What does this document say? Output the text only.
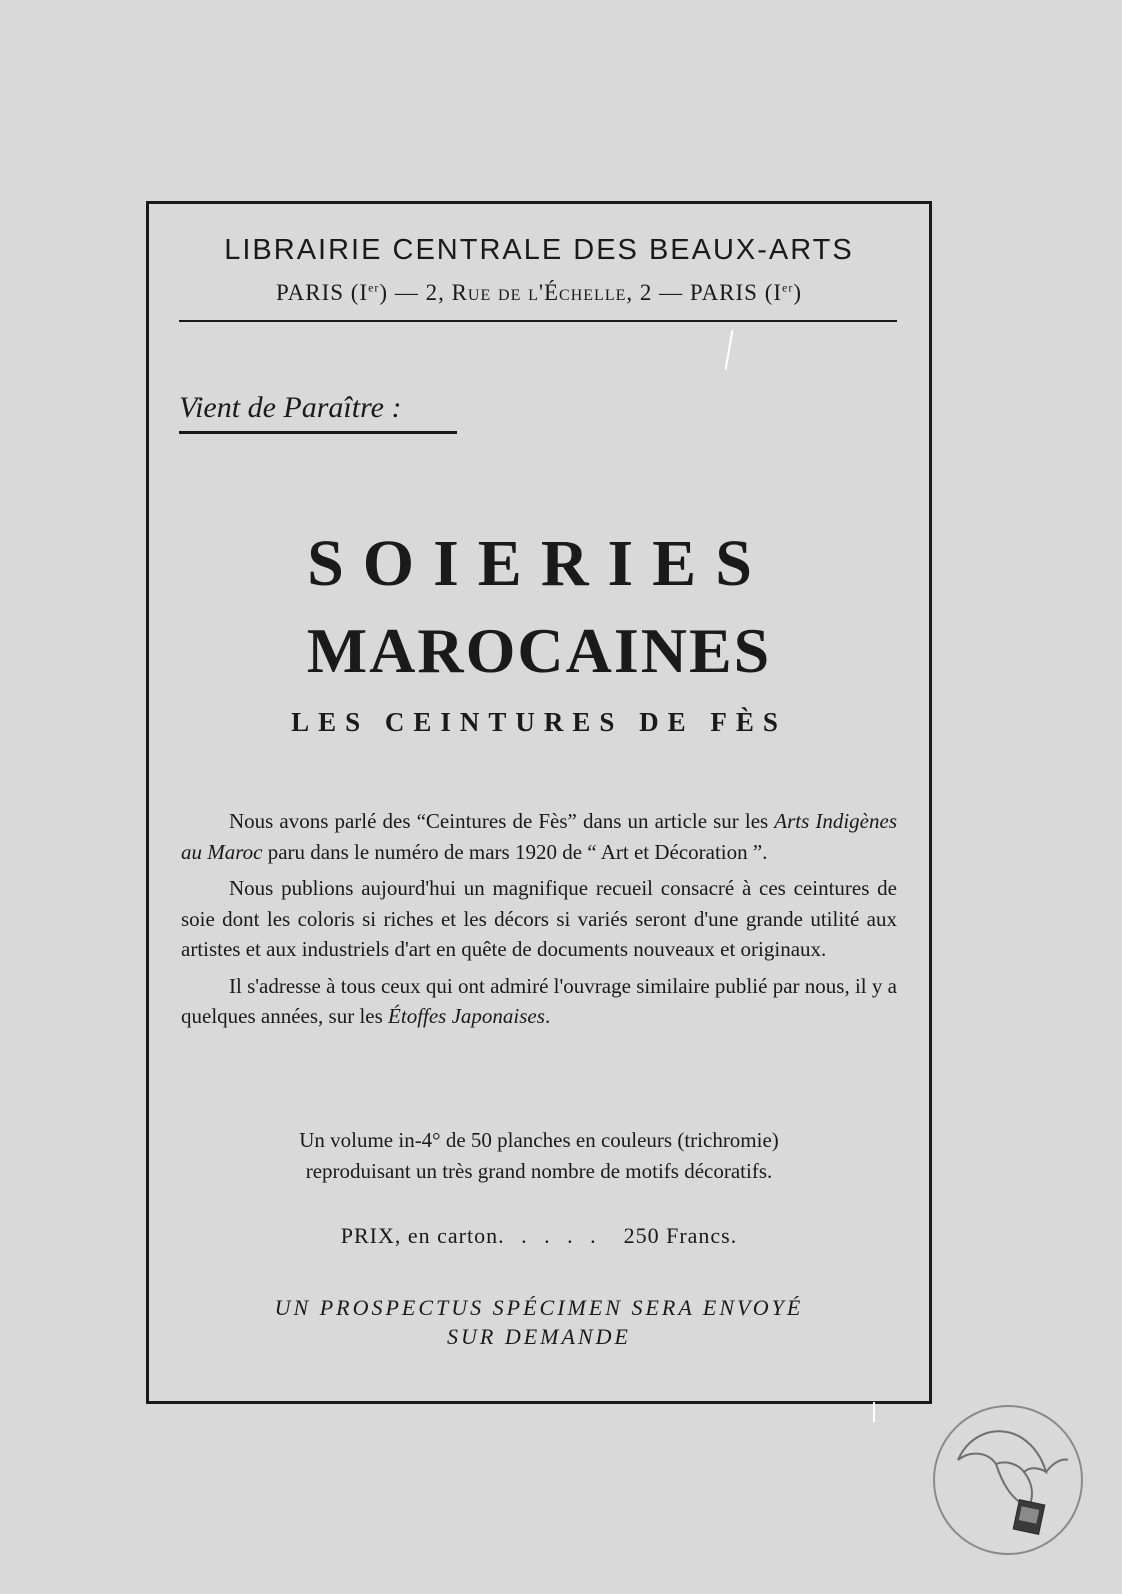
LIBRAIRIE CENTRALE DES BEAUX-ARTS
PARIS (Ier) — 2, Rue de l'Échelle, 2 — PARIS (Ier)
Vient de Paraître :
SOIERIES
MAROCAINES
LES CEINTURES DE FÈS

Nous avons parlé des “Ceintures de Fès” dans un article sur les Arts Indigènes au Maroc paru dans le numéro de mars 1920 de “ Art et Décoration ”.

Nous publions aujourd'hui un magnifique recueil consacré à ces ceintures de soie dont les coloris si riches et les décors si variés seront d'une grande utilité aux artistes et aux industriels d'art en quête de documents nouveaux et originaux.

Il s'adresse à tous ceux qui ont admiré l'ouvrage similaire publié par nous, il y a quelques années, sur les Étoffes Japonaises.

Un volume in-4° de 50 planches en couleurs (trichromie)
reproduisant un très grand nombre de motifs décoratifs.
PRIX, en carton. . . . . 250 Francs.
UN PROSPECTUS SPÉCIMEN SERA ENVOYÉ
SUR DEMANDE
